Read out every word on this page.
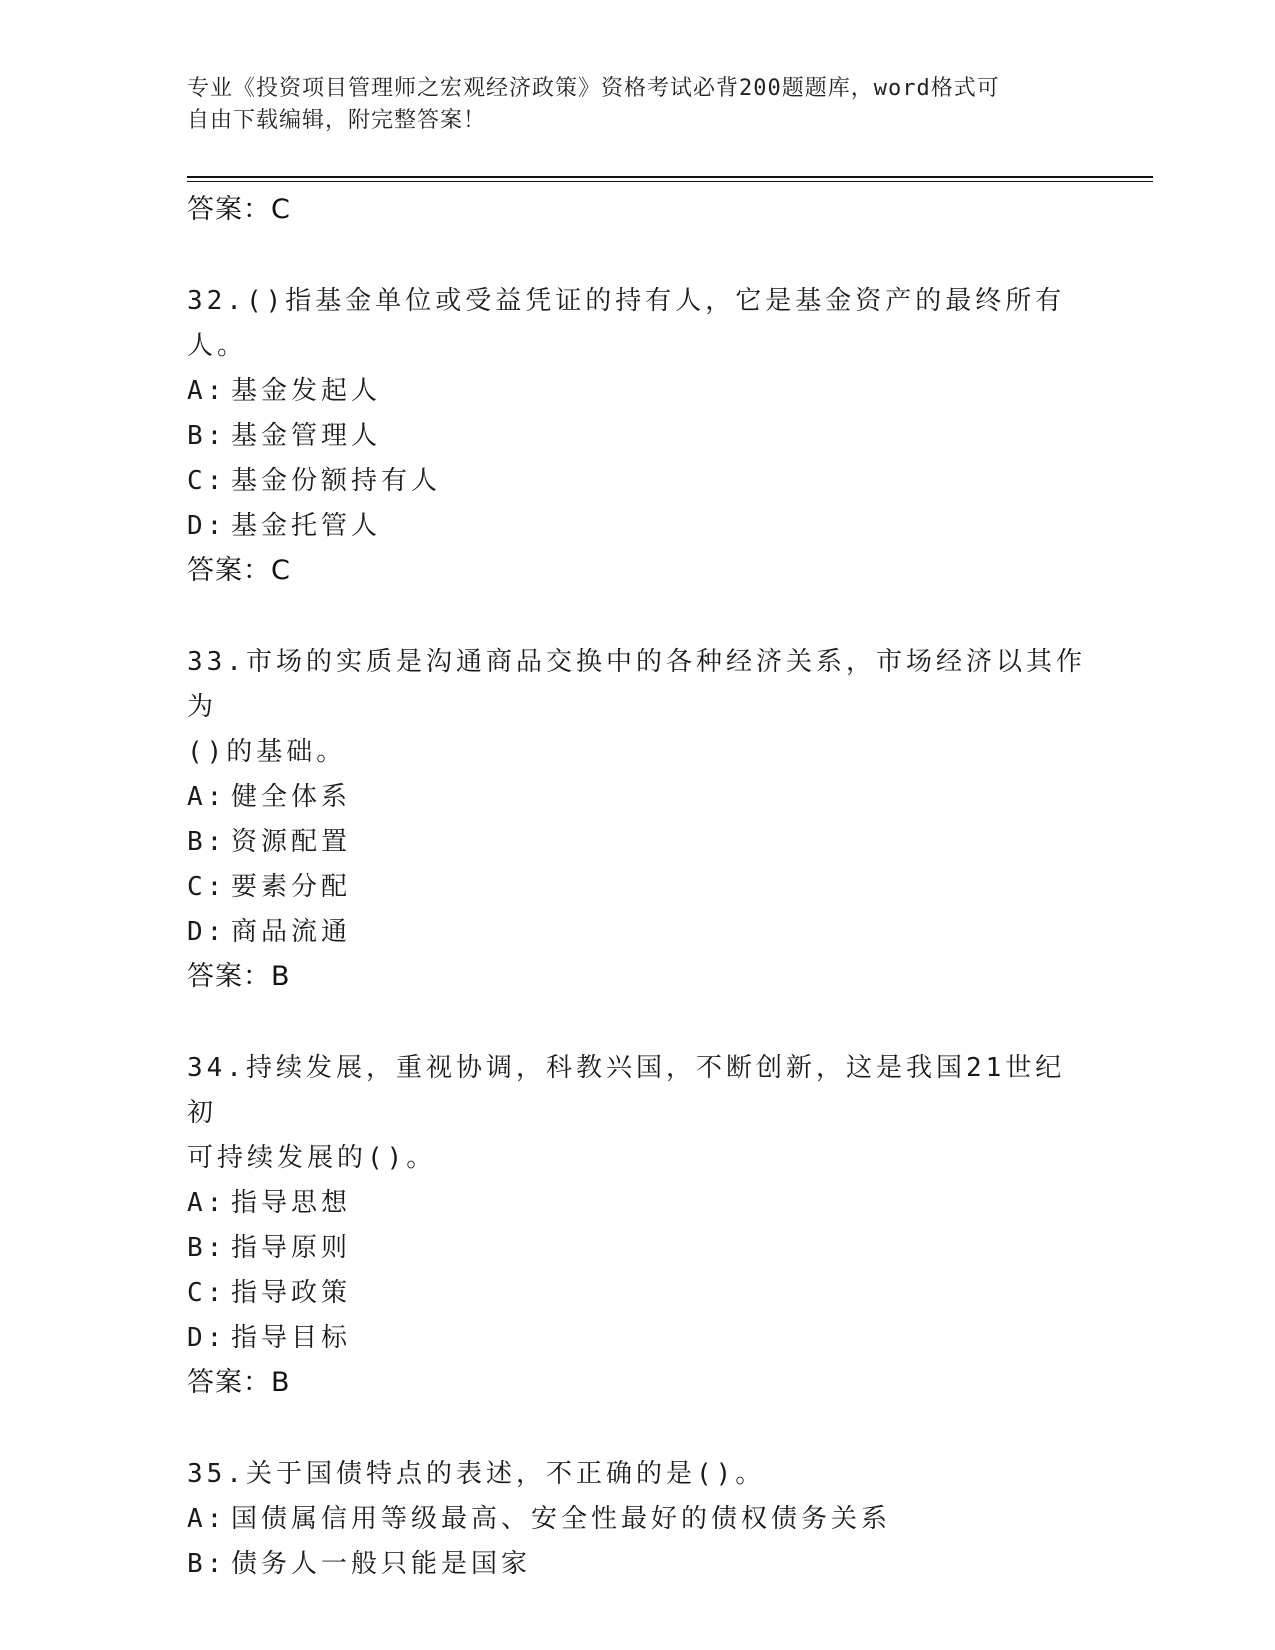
专业《投资项目管理师之宏观经济政策》资格考试必背200题题库，word格式可
自由下载编辑，附完整答案！
答案：C
32.()指基金单位或受益凭证的持有人，它是基金资产的最终所有人。
A: 基金发起人
B: 基金管理人
C: 基金份额持有人
D: 基金托管人
答案：C
33.市场的实质是沟通商品交换中的各种经济关系，市场经济以其作为
()的基础。
A: 健全体系
B: 资源配置
C: 要素分配
D: 商品流通
答案：B
34.持续发展，重视协调，科教兴国，不断创新，这是我国21世纪初
可持续发展的()。
A: 指导思想
B: 指导原则
C: 指导政策
D: 指导目标
答案：B
35.关于国债特点的表述，不正确的是()。
A: 国债属信用等级最高、安全性最好的债权债务关系
B: 债务人一般只能是国家
